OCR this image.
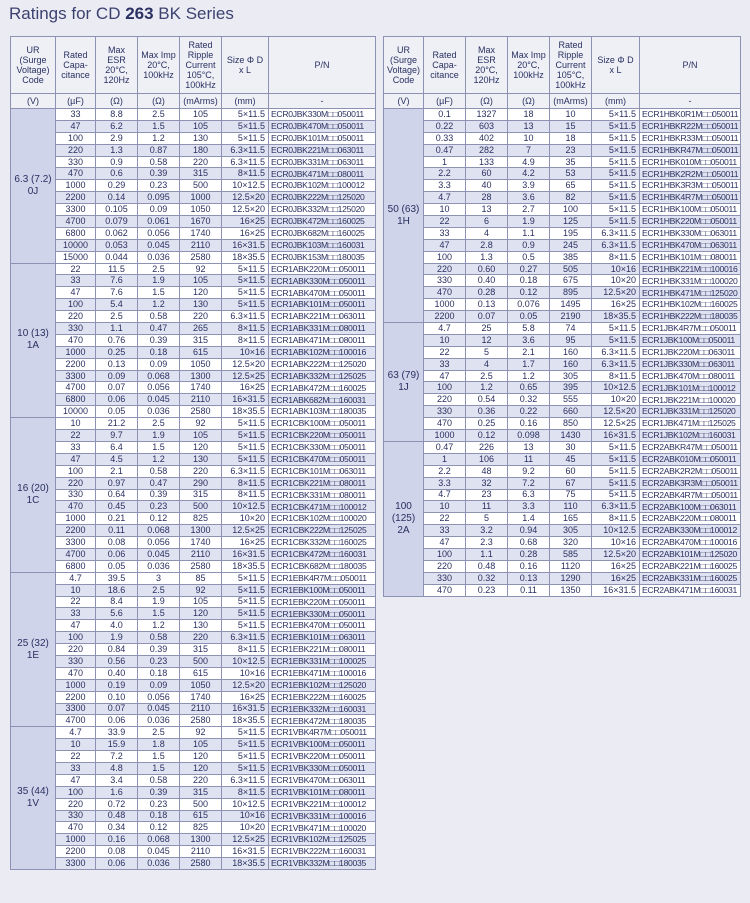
Ratings for CD 263 BK Series
UR (Surge Voltage) Code	Rated Capa-citance	Max ESR 20°C, 120Hz	Max Imp 20°C, 100kHz	Rated Ripple Current 105°C, 100kHz	Size Φ D x L	P/N
(V)	(µF)	(Ω)	(Ω)	(mArms)	(mm)	-
6.3 (7.2) 0J	33	8.8	2.5	105	5×11.5	ECR0JBK330M□□050011
	47	6.2	1.5	105	5×11.5	ECR0JBK470M□□050011
	100	2.9	1.2	130	5×11.5	ECR0JBK101M□□050011
	220	1.3	0.87	180	6.3×11.5	ECR0JBK221M□□063011
	330	0.9	0.58	220	6.3×11.5	ECR0JBK331M□□063011
	470	0.6	0.39	315	8×11.5	ECR0JBK471M□□080011
	1000	0.29	0.23	500	10×12.5	ECR0JBK102M□□100012
	2200	0.14	0.095	1000	12.5×20	ECR0JBK222M□□125020
	3300	0.105	0.09	1050	12.5×20	ECR0JBK332M□□125020
	4700	0.079	0.061	1670	16×25	ECR0JBK472M□□160025
	6800	0.062	0.056	1740	16×25	ECR0JBK682M□□160025
	10000	0.053	0.045	2110	16×31.5	ECR0JBK103M□□160031
	15000	0.044	0.036	2580	18×35.5	ECR0JBK153M□□180035
10 (13) 1A	22	11.5	2.5	92	5×11.5	ECR1ABK220M□□050011
	33	7.6	1.9	105	5×11.5	ECR1ABK330M□□050011
	47	7.6	1.5	120	5×11.5	ECR1ABK470M□□050011
	100	5.4	1.2	130	5×11.5	ECR1ABK101M□□050011
	220	2.5	0.58	220	6.3×11.5	ECR1ABK221M□□063011
	330	1.1	0.47	265	8×11.5	ECR1ABK331M□□080011
	470	0.76	0.39	315	8×11.5	ECR1ABK471M□□080011
	1000	0.25	0.18	615	10×16	ECR1ABK102M□□100016
	2200	0.13	0.09	1050	12.5×20	ECR1ABK222M□□125020
	3300	0.09	0.068	1300	12.5×25	ECR1ABK332M□□125025
	4700	0.07	0.056	1740	16×25	ECR1ABK472M□□160025
	6800	0.06	0.045	2110	16×31.5	ECR1ABK682M□□160031
	10000	0.05	0.036	2580	18×35.5	ECR1ABK103M□□180035
16 (20) 1C	10	21.2	2.5	92	5×11.5	ECR1CBK100M□□050011
	22	9.7	1.9	105	5×11.5	ECR1CBK220M□□050011
	33	6.4	1.5	120	5×11.5	ECR1CBK330M□□050011
	47	4.5	1.2	130	5×11.5	ECR1CBK470M□□050011
	100	2.1	0.58	220	6.3×11.5	ECR1CBK101M□□063011
	220	0.97	0.47	290	8×11.5	ECR1CBK221M□□080011
	330	0.64	0.39	315	8×11.5	ECR1CBK331M□□080011
	470	0.45	0.23	500	10×12.5	ECR1CBK471M□□100012
	1000	0.21	0.12	825	10×20	ECR1CBK102M□□100020
	2200	0.11	0.068	1300	12.5×25	ECR1CBK222M□□125025
	3300	0.08	0.056	1740	16×25	ECR1CBK332M□□160025
	4700	0.06	0.045	2110	16×31.5	ECR1CBK472M□□160031
	6800	0.05	0.036	2580	18×35.5	ECR1CBK682M□□180035
25 (32) 1E	4.7	39.5	3	85	5×11.5	ECR1EBK4R7M□□050011
	10	18.6	2.5	92	5×11.5	ECR1EBK100M□□050011
	22	8.4	1.9	105	5×11.5	ECR1EBK220M□□050011
	33	5.6	1.5	120	5×11.5	ECR1EBK330M□□050011
	47	4.0	1.2	130	5×11.5	ECR1EBK470M□□050011
	100	1.9	0.58	220	6.3×11.5	ECR1EBK101M□□063011
	220	0.84	0.39	315	8×11.5	ECR1EBK221M□□080011
	330	0.56	0.23	500	10×12.5	ECR1EBK331M□□100025
	470	0.40	0.18	615	10×16	ECR1EBK471M□□100016
	1000	0.19	0.09	1050	12.5×20	ECR1EBK102M□□125020
	2200	0.10	0.056	1740	16×25	ECR1EBK222M□□160025
	3300	0.07	0.045	2110	16×31.5	ECR1EBK332M□□160031
	4700	0.06	0.036	2580	18×35.5	ECR1EBK472M□□180035
35 (44) 1V	4.7	33.9	2.5	92	5×11.5	ECR1VBK4R7M□□050011
	10	15.9	1.8	105	5×11.5	ECR1VBK100M□□050011
	22	7.2	1.5	120	5×11.5	ECR1VBK220M□□050011
	33	4.8	1.5	120	5×11.5	ECR1VBK330M□□050011
	47	3.4	0.58	220	6.3×11.5	ECR1VBK470M□□063011
	100	1.6	0.39	315	8×11.5	ECR1VBK101M□□080011
	220	0.72	0.23	500	10×12.5	ECR1VBK221M□□100012
	330	0.48	0.18	615	10×16	ECR1VBK331M□□100016
	470	0.34	0.12	825	10×20	ECR1VBK471M□□100020
	1000	0.16	0.068	1300	12.5×25	ECR1VBK102M□□125025
	2200	0.08	0.045	2110	16×31.5	ECR1VBK222M□□160031
	3300	0.06	0.036	2580	18×35.5	ECR1VBK332M□□180035
UR (Surge Voltage) Code	Rated Capa-citance	Max ESR 20°C, 120Hz	Max Imp 20°C, 100kHz	Rated Ripple Current 105°C, 100kHz	Size Φ D x L	P/N
(V)	(µF)	(Ω)	(Ω)	(mArms)	(mm)	-
50 (63) 1H	0.1	1327	18	10	5×11.5	ECR1HBK0R1M□□050011
	0.22	603	13	15	5×11.5	ECR1HBKR22M□□050011
	0.33	402	10	18	5×11.5	ECR1HBKR33M□□050011
	0.47	282	7	23	5×11.5	ECR1HBKR47M□□050011
	1	133	4.9	35	5×11.5	ECR1HBK010M□□050011
	2.2	60	4.2	53	5×11.5	ECR1HBK2R2M□□050011
	3.3	40	3.9	65	5×11.5	ECR1HBK3R3M□□050011
	4.7	28	3.6	82	5×11.5	ECR1HBK4R7M□□050011
	10	13	2.7	100	5×11.5	ECR1HBK100M□□050011
	22	6	1.9	125	5×11.5	ECR1HBK220M□□050011
	33	4	1.1	195	6.3×11.5	ECR1HBK330M□□063011
	47	2.8	0.9	245	6.3×11.5	ECR1HBK470M□□063011
	100	1.3	0.5	385	8×11.5	ECR1HBK101M□□080011
	220	0.60	0.27	505	10×16	ECR1HBK221M□□100016
	330	0.40	0.18	675	10×20	ECR1HBK331M□□100020
	470	0.28	0.12	895	12.5×20	ECR1HBK471M□□125020
	1000	0.13	0.076	1495	16×25	ECR1HBK102M□□160025
	2200	0.07	0.05	2190	18×35.5	ECR1HBK222M□□180035
63 (79) 1J	4.7	25	5.8	74	5×11.5	ECR1JBK4R7M□□050011
	10	12	3.6	95	5×11.5	ECR1JBK100M□□050011
	22	5	2.1	160	6.3×11.5	ECR1JBK220M□□063011
	33	4	1.7	160	6.3×11.5	ECR1JBK330M□□063011
	47	2.5	1.2	305	8×11.5	ECR1JBK470M□□080011
	100	1.2	0.65	395	10×12.5	ECR1JBK101M□□100012
	220	0.54	0.32	555	10×20	ECR1JBK221M□□100020
	330	0.36	0.22	660	12.5×20	ECR1JBK331M□□125020
	470	0.25	0.16	850	12.5×25	ECR1JBK471M□□125025
	1000	0.12	0.098	1430	16×31.5	ECR1JBK102M□□160031
100 (125) 2A	0.47	226	13	30	5×11.5	ECR2ABKR47M□□050011
	1	106	11	45	5×11.5	ECR2ABK010M□□050011
	2.2	48	9.2	60	5×11.5	ECR2ABK2R2M□□050011
	3.3	32	7.2	67	5×11.5	ECR2ABK3R3M□□050011
	4.7	23	6.3	75	5×11.5	ECR2ABK4R7M□□050011
	10	11	3.3	110	6.3×11.5	ECR2ABK100M□□063011
	22	5	1.4	165	8×11.5	ECR2ABK220M□□080011
	33	3.2	0.94	305	10×12.5	ECR2ABK330M□□100012
	47	2.3	0.68	320	10×16	ECR2ABK470M□□100016
	100	1.1	0.28	585	12.5×20	ECR2ABK101M□□125020
	220	0.48	0.16	1120	16×25	ECR2ABK221M□□160025
	330	0.32	0.13	1290	16×25	ECR2ABK331M□□160025
	470	0.23	0.11	1350	16×31.5	ECR2ABK471M□□160031
